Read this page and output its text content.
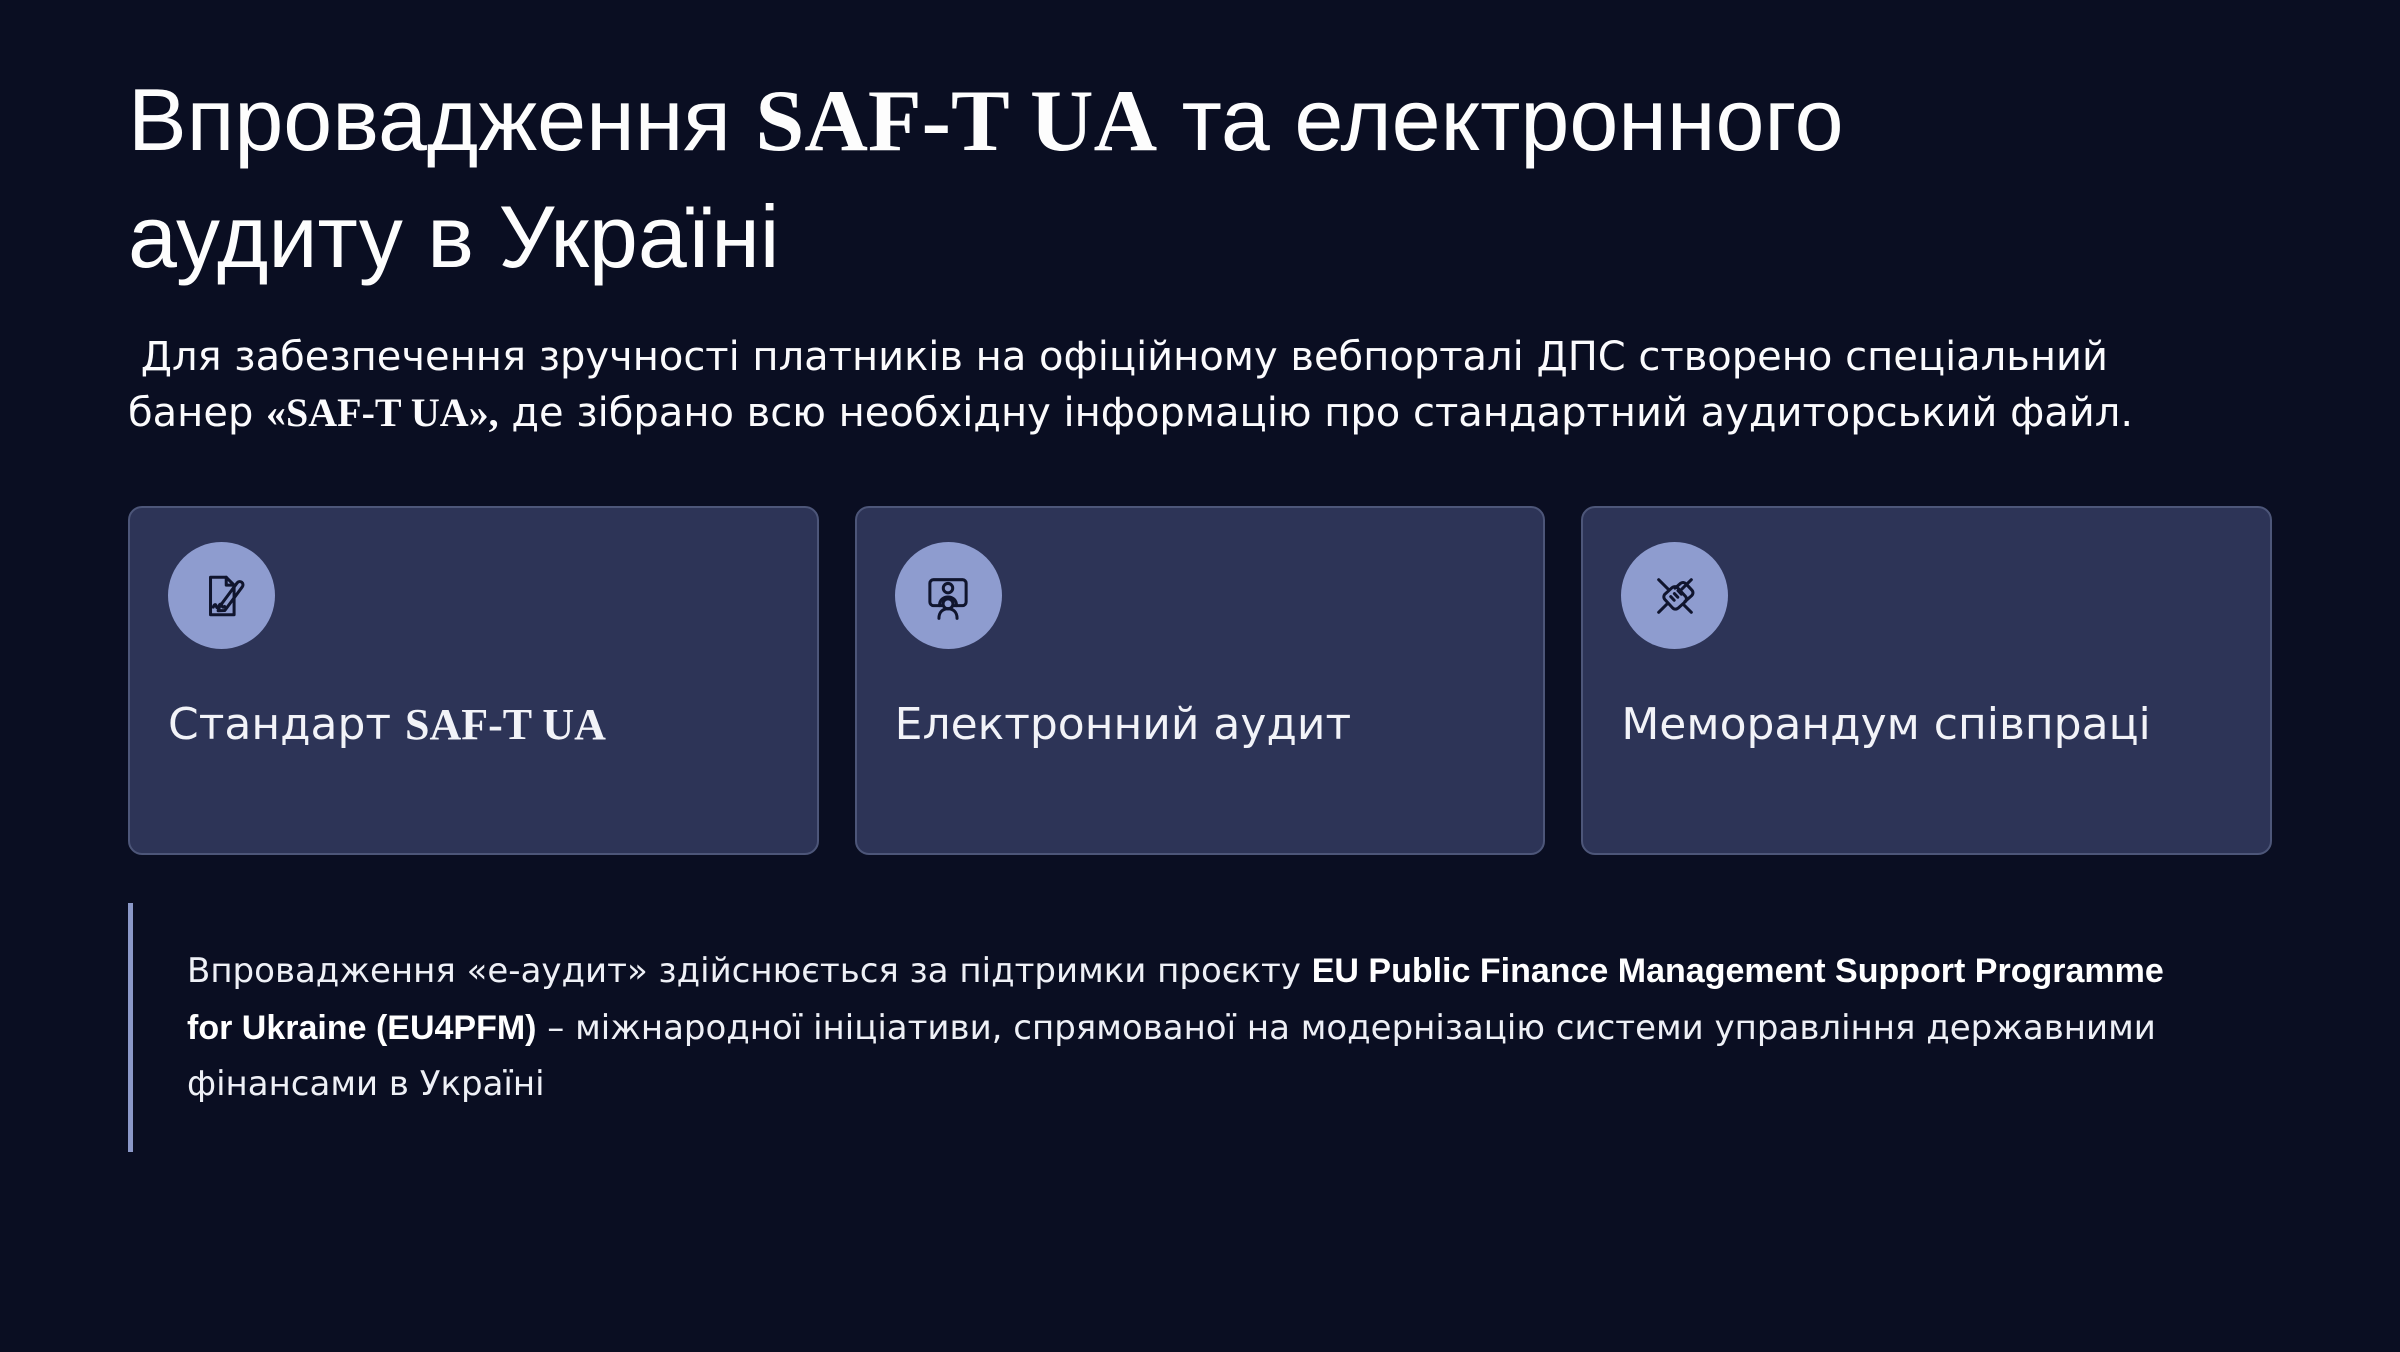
Впровадження SAF-T UA та електронного
аудиту в Україні

Для забезпечення зручності платників на офіційному вебпорталі ДПС створено спеціальний
банер «SAF-T UA», де зібрано всю необхідну інформацію про стандартний аудиторський файл.

Стандарт SAF-T UA	Електронний аудит	Меморандум співпраці

Впровадження «е-аудит» здійснюється за підтримки проєкту EU Public Finance Management Support Programme
for Ukraine (EU4PFM) – міжнародної ініціативи, спрямованої на модернізацію системи управління державними
фінансами в Україні
